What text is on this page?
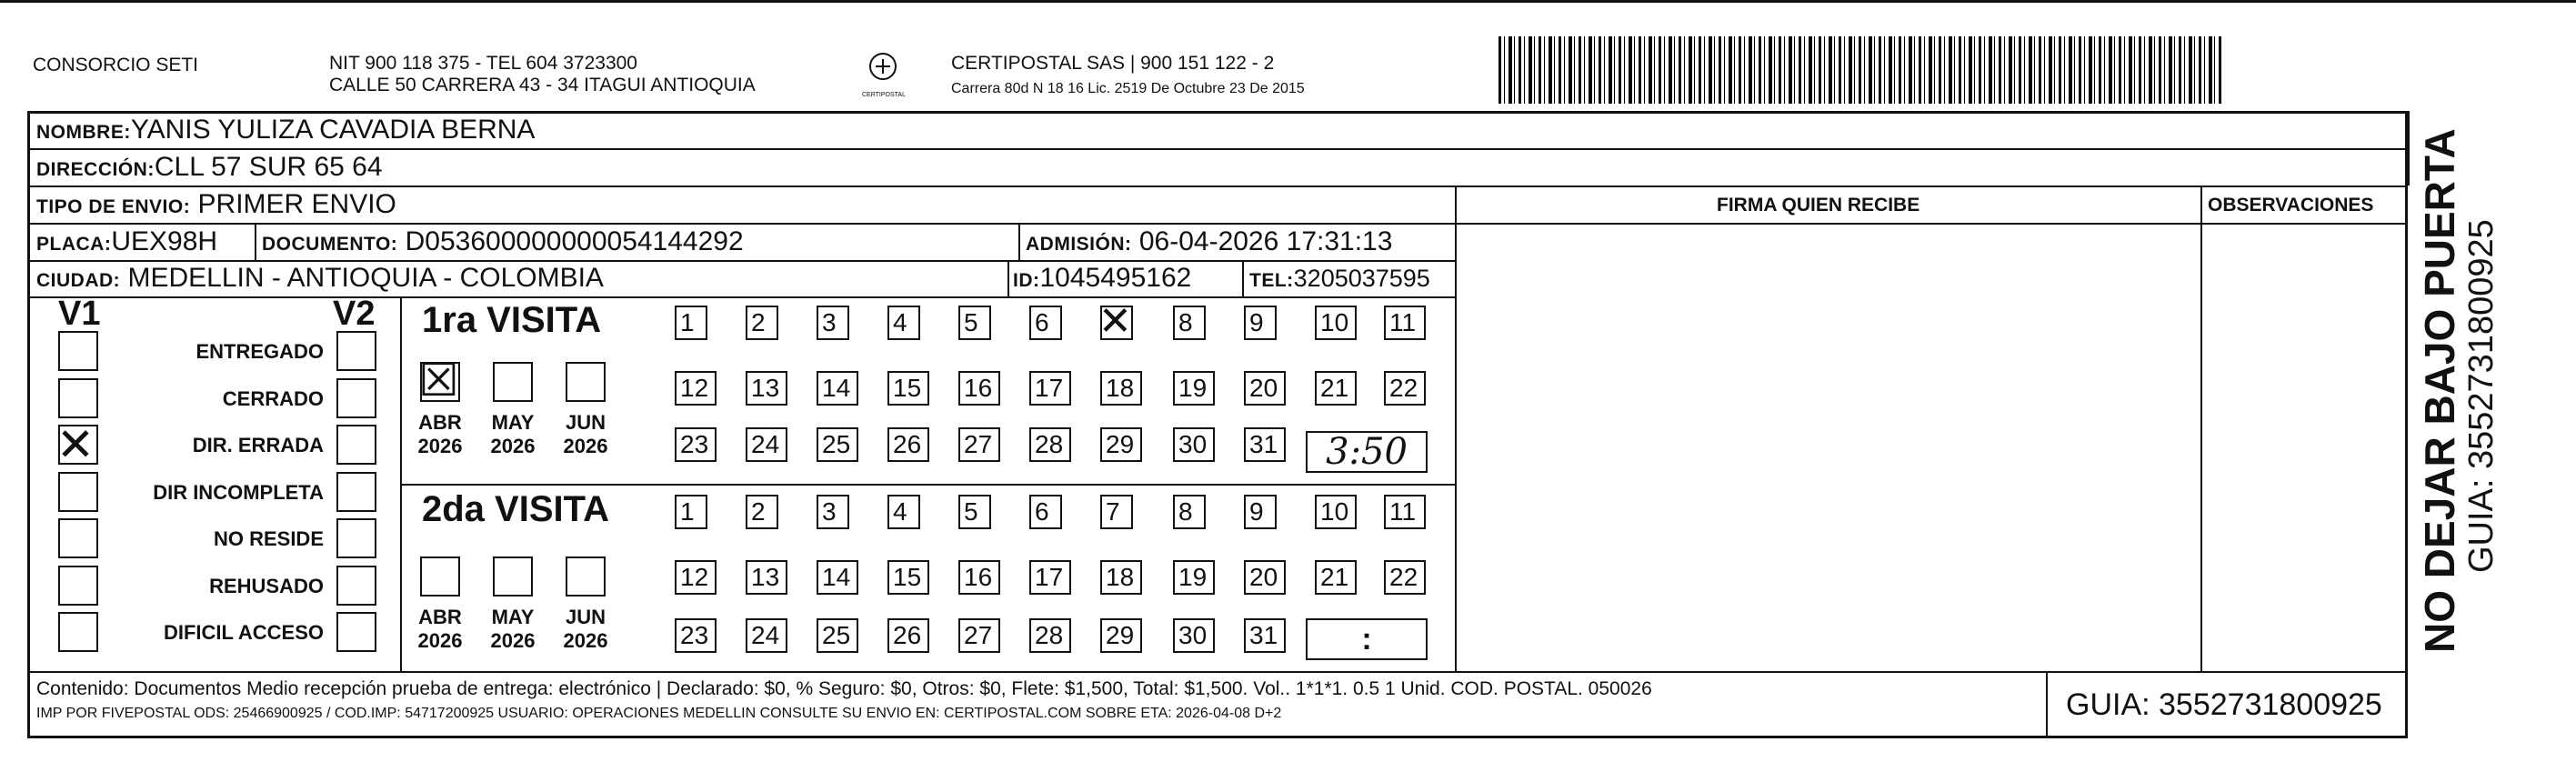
CONSORCIO SETI	NIT 900 118 375 - TEL 604 3723300
CALLE 50 CARRERA 43 - 34 ITAGUI ANTIOQUIA	CERTIPOSTAL
CERTIPOSTAL SAS | 900 151 122 - 2
Carrera 80d N 18 16 Lic. 2519 De Octubre 23 De 2015
NOMBRE:YANIS YULIZA CAVADIA BERNA
DIRECCIÓN:CLL 57 SUR 65 64
TIPO DE ENVIO: PRIMER ENVIO	FIRMA QUIEN RECIBE	OBSERVACIONES
PLACA:UEX98H DOCUMENTO: D053600000000054144292	ADMISIÓN: 06-04-2026 17:31:13
CIUDAD: MEDELLIN - ANTIOQUIA - COLOMBIA	ID:1045495162	TEL:3205037595
V1	V2
ENTREGADO
CERRADO
✕	DIR. ERRADA
DIR INCOMPLETA
NO RESIDE
REHUSADO
DIFICIL ACCESO
1ra VISITA
2da VISITA
☒
ABR
2026
MAY
2026
JUN
2026
ABR
2026
MAY
2026
JUN
2026
1	2	3	4	5	6	✕ 8	9	10	11
12	13	14	15	16	17	18	19	20	21	22
23	24	25	26	27	28	29	30	31
1	2	3	4	5	6	7	8	9	10	11
12	13	14	15	16	17	18	19	20	21	22
23	24	25	26	27	28	29	30	31
3:50
:
Contenido: Documentos Medio recepción prueba de entrega: electrónico | Declarado: $0, % Seguro: $0, Otros: $0, Flete: $1,500, Total: $1,500. Vol.. 1*1*1. 0.5 1 Unid. COD. POSTAL. 050026
IMP POR FIVEPOSTAL ODS: 25466900925 / COD.IMP: 54717200925 USUARIO: OPERACIONES MEDELLIN CONSULTE SU ENVIO EN: CERTIPOSTAL.COM SOBRE ETA: 2026-04-08 D+2	GUIA: 3552731800925
NO DEJAR BAJO PUERTA GUIA: 3552731800925
